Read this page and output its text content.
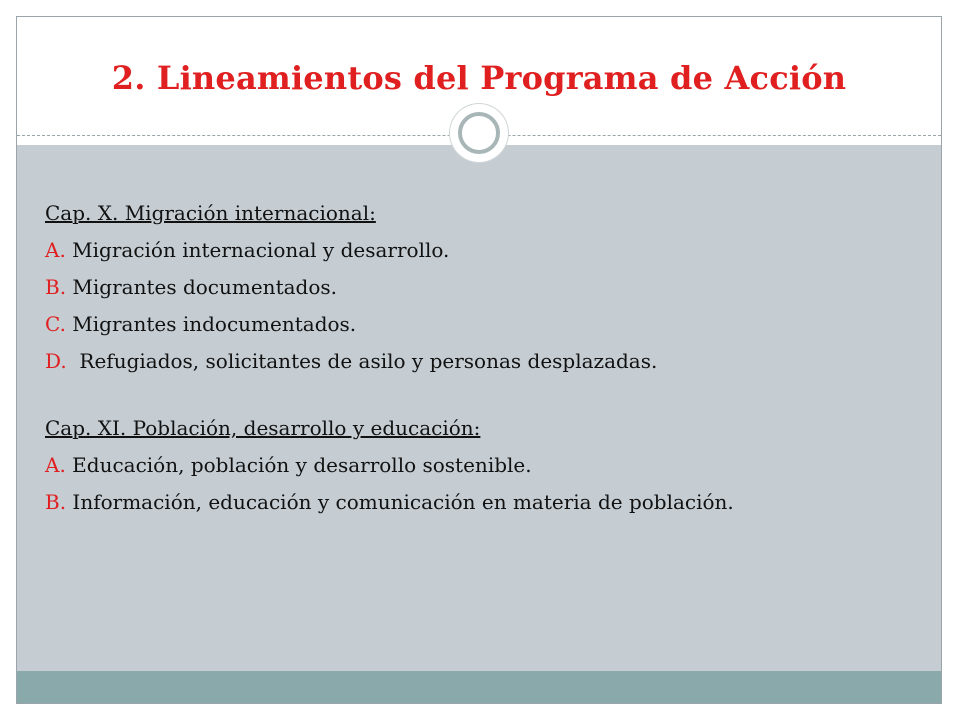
2. Lineamientos del Programa de Acción
Cap. X. Migración internacional:
A. Migración internacional y desarrollo.
B. Migrantes documentados.
C. Migrantes indocumentados.
D.  Refugiados, solicitantes de asilo y personas desplazadas.
Cap. XI. Población, desarrollo y educación:
A. Educación, población y desarrollo sostenible.
B. Información, educación y comunicación en materia de población.
